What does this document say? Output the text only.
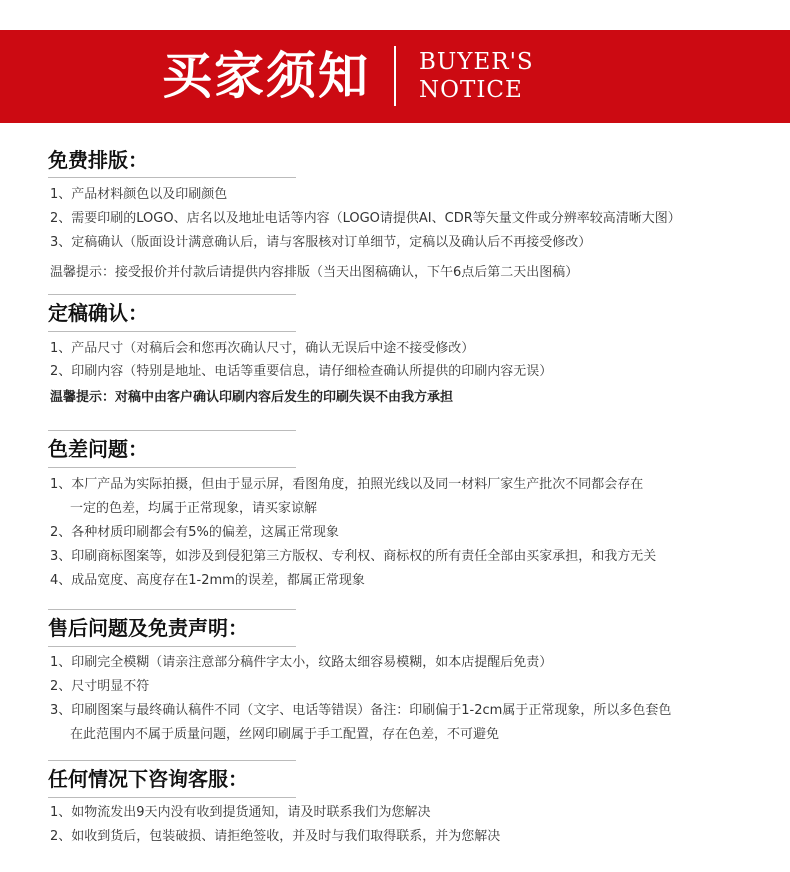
买家须知 BUYER'S
NOTICE
免费排版：
1、产品材料颜色以及印刷颜色
2、需要印刷的LOGO、店名以及地址电话等内容（LOGO请提供AI、CDR等矢量文件或分辨率较高清晰大图）
3、定稿确认（版面设计满意确认后，请与客服核对订单细节，定稿以及确认后不再接受修改）
温馨提示：接受报价并付款后请提供内容排版（当天出图稿确认，下午6点后第二天出图稿）
定稿确认：
1、产品尺寸（对稿后会和您再次确认尺寸，确认无误后中途不接受修改）
2、印刷内容（特别是地址、电话等重要信息，请仔细检查确认所提供的印刷内容无误）
温馨提示：对稿中由客户确认印刷内容后发生的印刷失误不由我方承担
色差问题：
1、本厂产品为实际拍摄，但由于显示屏，看图角度，拍照光线以及同一材料厂家生产批次不同都会存在
一定的色差，均属于正常现象，请买家谅解
2、各种材质印刷都会有5%的偏差，这属正常现象
3、印刷商标图案等，如涉及到侵犯第三方版权、专利权、商标权的所有责任全部由买家承担，和我方无关
4、成品宽度、高度存在1-2mm的误差，都属正常现象
售后问题及免责声明：
1、印刷完全模糊（请亲注意部分稿件字太小，纹路太细容易模糊，如本店提醒后免责）
2、尺寸明显不符
3、印刷图案与最终确认稿件不同（文字、电话等错误）备注：印刷偏于1-2cm属于正常现象，所以多色套色
在此范围内不属于质量问题，丝网印刷属于手工配置，存在色差，不可避免
任何情况下咨询客服：
1、如物流发出9天内没有收到提货通知，请及时联系我们为您解决
2、如收到货后，包装破损、请拒绝签收，并及时与我们取得联系，并为您解决
